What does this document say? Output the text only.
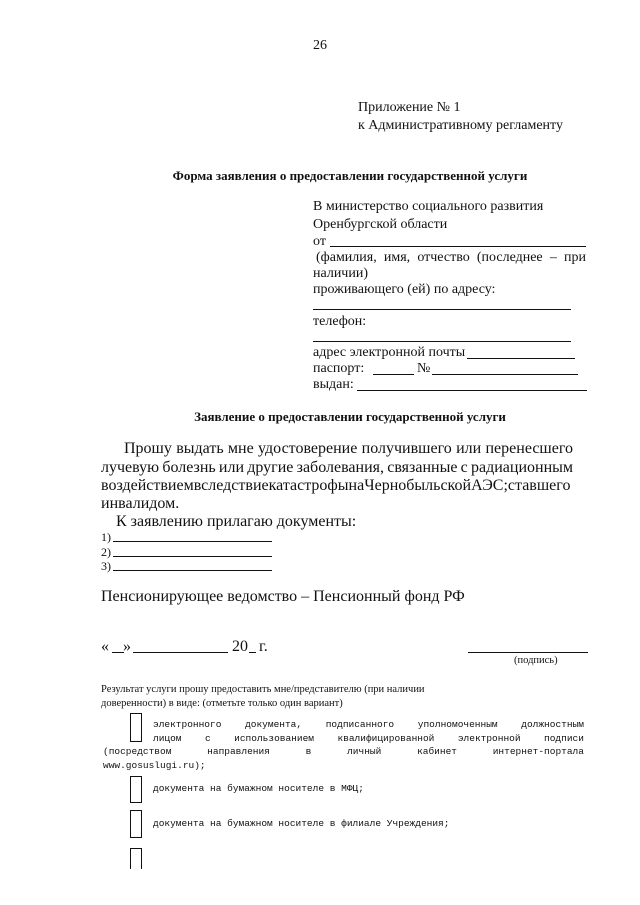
26
Приложение № 1
к Административному регламенту
Форма заявления о предоставлении государственной услуги
В министерство социального развития
Оренбургской области
от
(фамилия, имя, отчество (последнее – при
наличии)
проживающего (ей) по адресу:
телефон:
адрес электронной почты
паспорт:	№
выдан:
Заявление о предоставлении государственной услуги
Прошу выдать мне удостоверение получившего или перенесшего
лучевую болезнь или другие заболевания, связанные с радиационным
воздействием вследствие катастрофы на Чернобыльской АЭС; ставшего
инвалидом.
К заявлению прилагаю документы:
1)
2)
3)
Пенсионирующее ведомство – Пенсионный фонд РФ
« »	20 г.
(подпись)
Результат услуги прошу предоставить мне/представителю (при наличии
доверенности) в виде: (отметьте только один вариант)
электронного документа, подписанного уполномоченным должностным
лицом с использованием квалифицированной электронной подписи
(посредством	направления	в	личный	кабинет	интернет-портала
www.gosuslugi.ru);
документа на бумажном носителе в МФЦ;
документа на бумажном носителе в филиале Учреждения;
